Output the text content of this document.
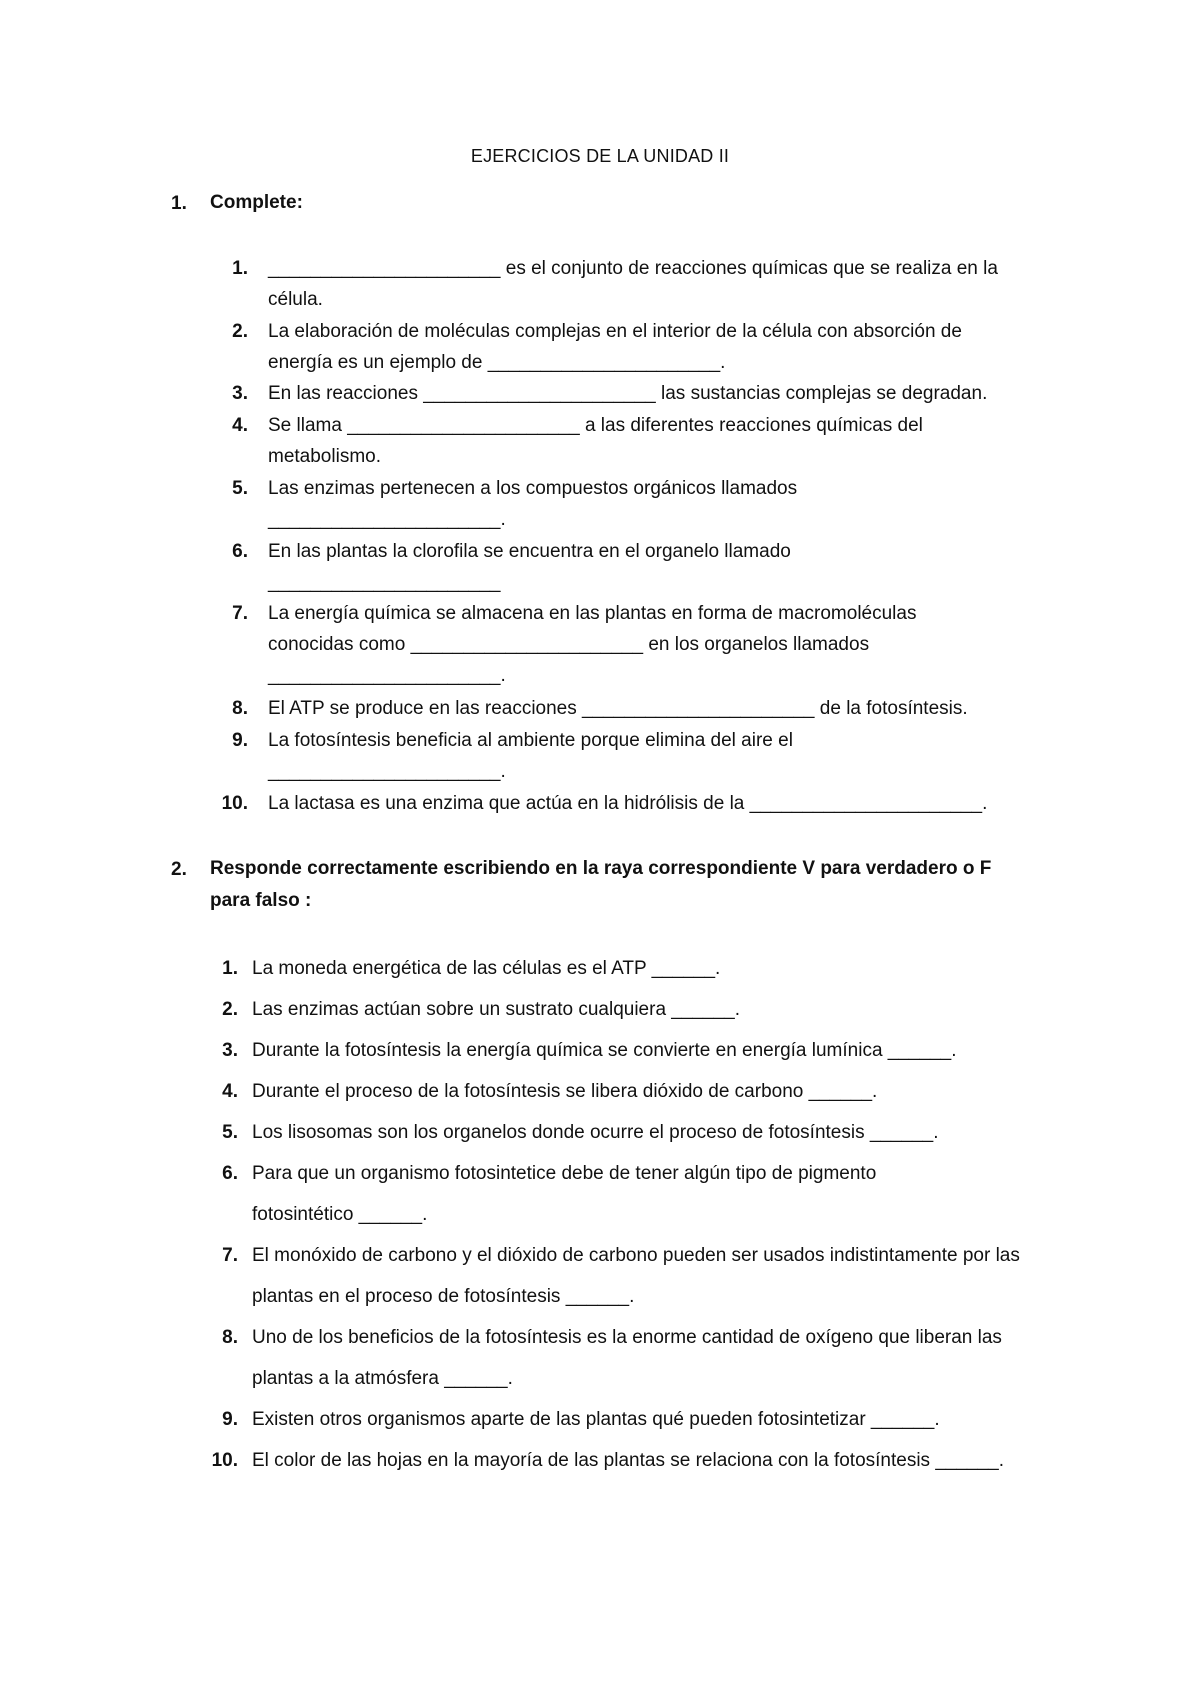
EJERCICIOS DE LA UNIDAD II
1. Complete:
1. ______________________ es el conjunto de reacciones químicas que se realiza en la célula.
2. La elaboración de moléculas complejas en el interior de la célula con absorción de energía es un ejemplo de ______________________.
3. En las reacciones ______________________ las sustancias complejas se degradan.
4. Se llama ______________________ a las diferentes reacciones químicas del metabolismo.
5. Las enzimas pertenecen a los compuestos orgánicos llamados ______________________.
6. En las plantas la clorofila se encuentra en el organelo llamado ______________________
7. La energía química se almacena en las plantas en forma de macromoléculas conocidas como ______________________ en los organelos llamados ______________________.
8. El ATP se produce en las reacciones ______________________ de la fotosíntesis.
9. La fotosíntesis beneficia al ambiente porque elimina del aire el ______________________.
10. La lactasa es una enzima que actúa en la hidrólisis de la ______________________.
2. Responde correctamente escribiendo en la raya correspondiente V para verdadero o F para falso :
1. La moneda energética de las células es el ATP ______.
2. Las enzimas actúan sobre un sustrato cualquiera ______.
3. Durante la fotosíntesis la energía química se convierte en energía lumínica ______.
4. Durante el proceso de la fotosíntesis se libera dióxido de carbono ______.
5. Los lisosomas son los organelos donde ocurre el proceso de fotosíntesis ______.
6. Para que un organismo fotosintetice debe de tener algún tipo de pigmento fotosintético ______.
7. El monóxido de carbono y el dióxido de carbono pueden ser usados indistintamente por las plantas en el proceso de fotosíntesis ______.
8. Uno de los beneficios de la fotosíntesis es la enorme cantidad de oxígeno que liberan las plantas a la atmósfera ______.
9. Existen otros organismos aparte de las plantas qué pueden fotosintetizar ______.
10. El color de las hojas en la mayoría de las plantas se relaciona con la fotosíntesis ______.
